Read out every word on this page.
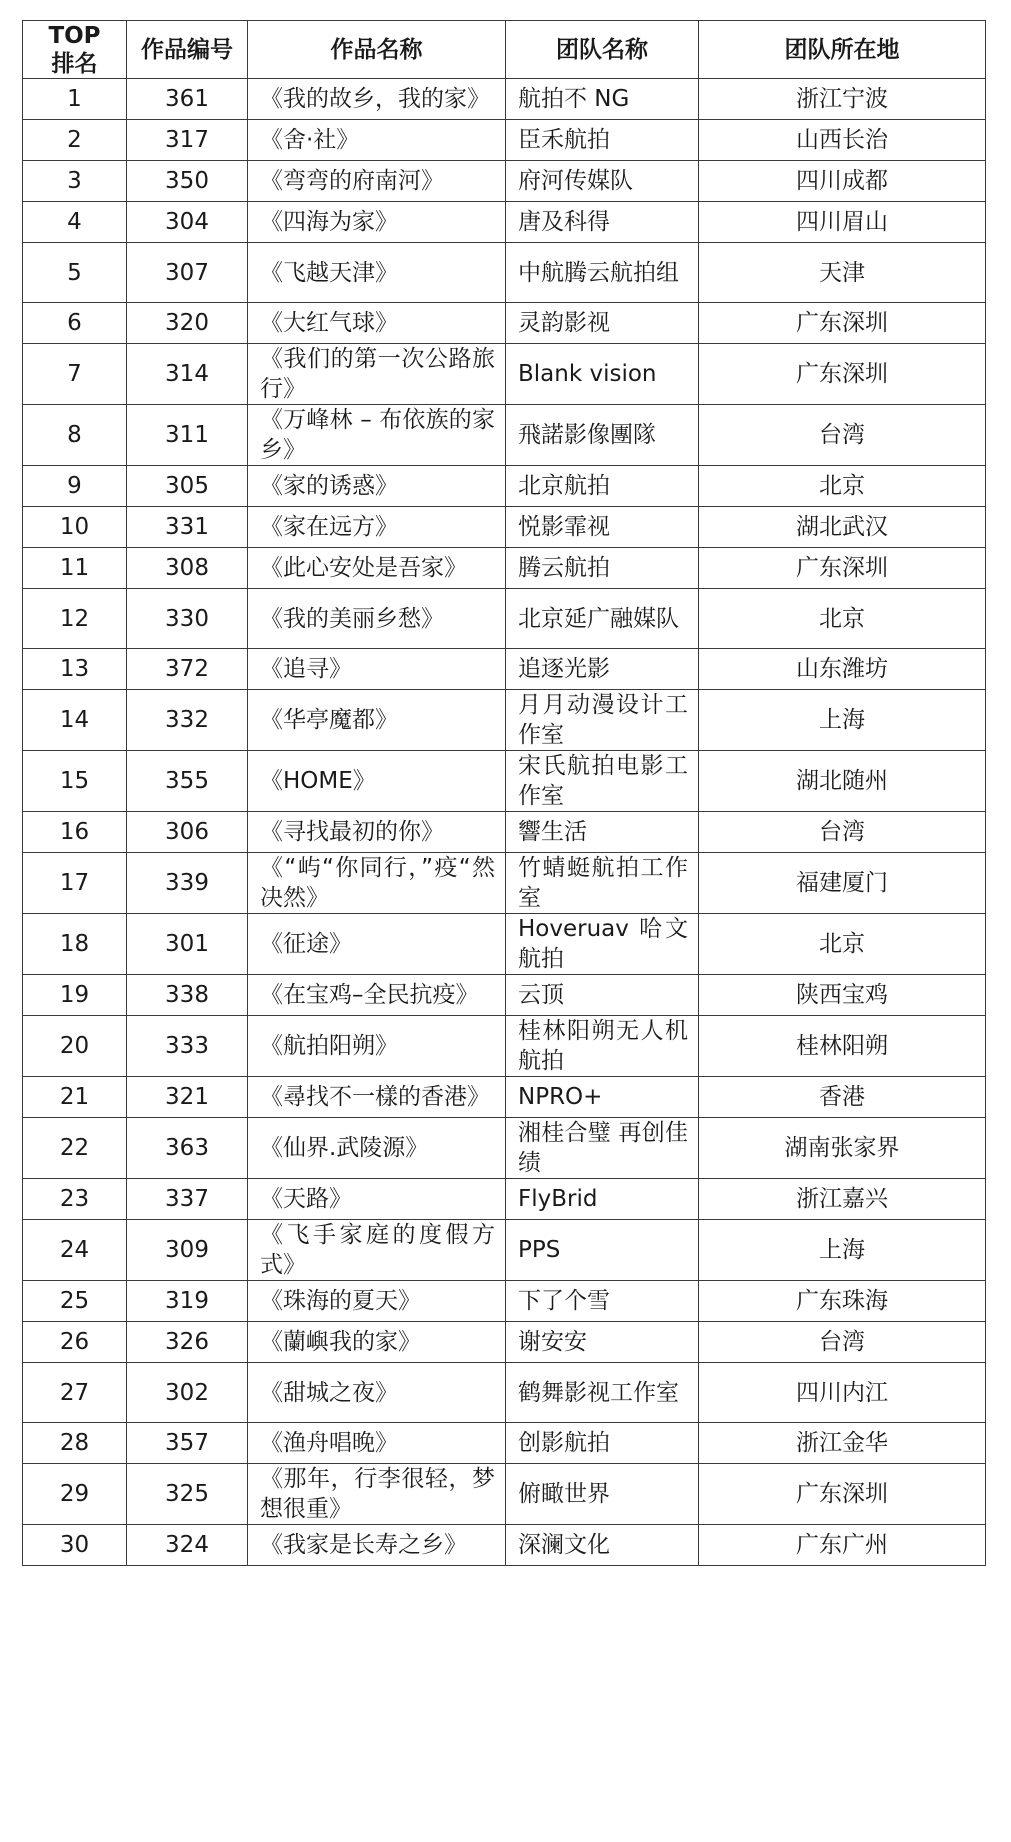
TOP 排名	作品编号	作品名称	团队名称	团队所在地
1	361	《我的故乡，我的家》	航拍不 NG	浙江宁波
2	317	《舍·社》	臣禾航拍	山西长治
3	350	《弯弯的府南河》	府河传媒队	四川成都
4	304	《四海为家》	唐及科得	四川眉山
5	307	《飞越天津》	中航腾云航拍组	天津
6	320	《大红气球》	灵韵影视	广东深圳
7	314	《我们的第一次公路旅行》	Blank vision	广东深圳
8	311	《万峰林 – 布依族的家乡》	飛諾影像團隊	台湾
9	305	《家的诱惑》	北京航拍	北京
10	331	《家在远方》	悦影霏视	湖北武汉
11	308	《此心安处是吾家》	腾云航拍	广东深圳
12	330	《我的美丽乡愁》	北京延广融媒队	北京
13	372	《追寻》	追逐光影	山东潍坊
14	332	《华亭魔都》	月月动漫设计工作室	上海
15	355	《HOME》	宋氏航拍电影工作室	湖北随州
16	306	《寻找最初的你》	響生活	台湾
17	339	《“屿“你同行，”疫“然决然》	竹蜻蜓航拍工作室	福建厦门
18	301	《征途》	Hoveruav 哈文航拍	北京
19	338	《在宝鸡–全民抗疫》	云顶	陕西宝鸡
20	333	《航拍阳朔》	桂林阳朔无人机航拍	桂林阳朔
21	321	《尋找不一樣的香港》	NPRO+	香港
22	363	《仙界.武陵源》	湘桂合璧 再创佳绩	湖南张家界
23	337	《天路》	FlyBrid	浙江嘉兴
24	309	《飞手家庭的度假方式》	PPS	上海
25	319	《珠海的夏天》	下了个雪	广东珠海
26	326	《蘭嶼我的家》	谢安安	台湾
27	302	《甜城之夜》	鹤舞影视工作室	四川内江
28	357	《渔舟唱晚》	创影航拍	浙江金华
29	325	《那年，行李很轻，梦想很重》	俯瞰世界	广东深圳
30	324	《我家是长寿之乡》	深澜文化	广东广州
